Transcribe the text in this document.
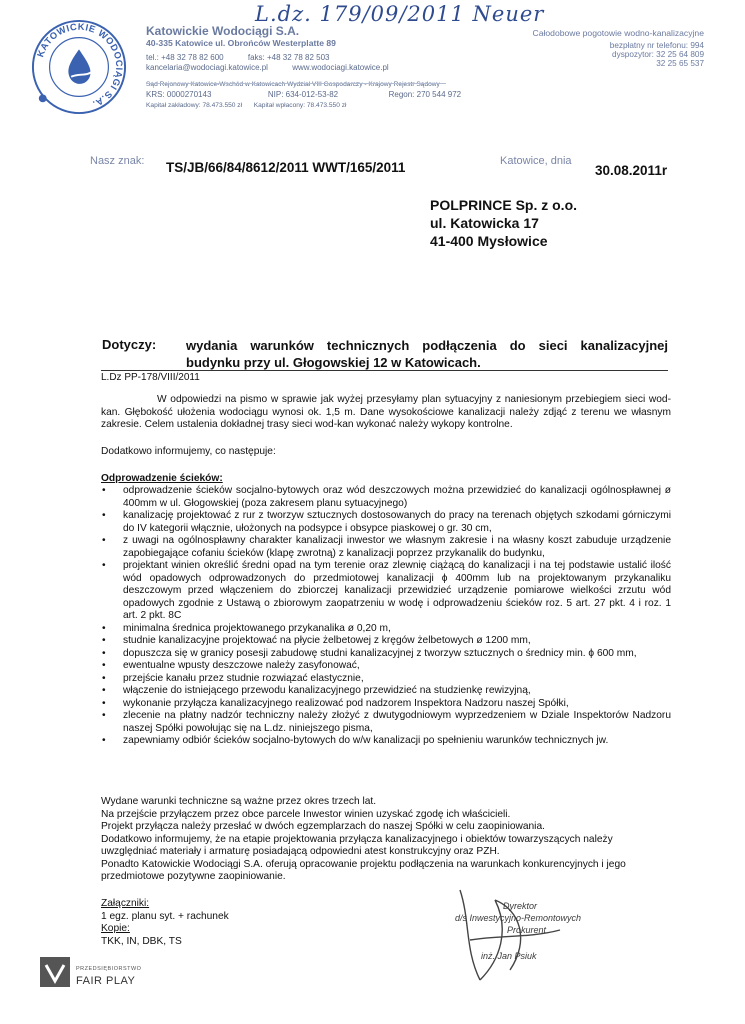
L.dz. 179/09/2011 Neuer
KATOWICKIE WODOCIĄGI S.A.
Katowickie Wodociągi S.A.
40-335 Katowice ul. Obrońców Westerplatte 89
tel.: +48 32 78 82 600	faks: +48 32 78 82 503
kancelaria@wodociagi.katowice.pl	www.wodociagi.katowice.pl
Sąd Rejonowy Katowice-Wschód w Katowicach Wydział VIII Gospodarczy - Krajowy Rejestr Sądowy
KRS: 0000270143	NIP: 634-012-53-82	Regon: 270 544 972
Kapitał zakładowy: 78.473.550 zł Kapitał wpłacony: 78.473.550 zł
Całodobowe pogotowie wodno-kanalizacyjne
bezpłatny nr telefonu: 994
dyspozytor: 32 25 64 809
32 25 65 537
Nasz znak: TS/JB/66/84/8612/2011 WWT/165/2011	Katowice, dnia
30.08.2011r
POLPRINCE Sp. z o.o.
ul. Katowicka 17
41-400 Mysłowice
Dotyczy: wydania warunków technicznych podłączenia do sieci kanalizacyjnej budynku przy ul. Głogowskiej 12 w Katowicach.
L.Dz PP-178/VIII/2011
W odpowiedzi na pismo w sprawie jak wyżej przesyłamy plan sytuacyjny z naniesionym przebiegiem sieci wod-kan. Głębokość ułożenia wodociągu wynosi ok. 1,5 m. Dane wysokościowe kanalizacji należy zdjąć z terenu we własnym zakresie. Celem ustalenia dokładnej trasy sieci wod-kan wykonać należy wykopy kontrolne.
Dodatkowo informujemy, co następuje:
Odprowadzenie ścieków:
• odprowadzenie ścieków socjalno-bytowych oraz wód deszczowych można przewidzieć do kanalizacji ogólnospławnej ø 400mm w ul. Głogowskiej (poza zakresem planu sytuacyjnego)
• kanalizację projektować z rur z tworzyw sztucznych dostosowanych do pracy na terenach objętych szkodami górniczymi do IV kategorii włącznie, ułożonych na podsypce i obsypce piaskowej o gr. 30 cm,
• z uwagi na ogólnospławny charakter kanalizacji inwestor we własnym zakresie i na własny koszt zabuduje urządzenie zapobiegające cofaniu ścieków (klapę zwrotną) z kanalizacji poprzez przykanalik do budynku,
• projektant winien określić średni opad na tym terenie oraz zlewnię ciążącą do kanalizacji i na tej podstawie ustalić ilość wód opadowych odprowadzonych do przedmiotowej kanalizacji ϕ 400mm lub na projektowanym przykanaliku deszczowym przed włączeniem do zbiorczej kanalizacji przewidzieć urządzenie pomiarowe wielkości zrzutu wód opadowych zgodnie z Ustawą o zbiorowym zaopatrzeniu w wodę i odprowadzeniu ścieków roz. 5 art. 27 pkt. 4 i roz. 1 art. 2 pkt. 8C
• minimalna średnica projektowanego przykanalika ø 0,20 m,
• studnie kanalizacyjne projektować na płycie żelbetowej z kręgów żelbetowych ø 1200 mm,
• dopuszcza się w granicy posesji zabudowę studni kanalizacyjnej z tworzyw sztucznych o średnicy min. ϕ 600 mm,
• ewentualne wpusty deszczowe należy zasyfonować,
• przejście kanału przez studnie rozwiązać elastycznie,
• włączenie do istniejącego przewodu kanalizacyjnego przewidzieć na studzienkę rewizyjną,
• wykonanie przyłącza kanalizacyjnego realizować pod nadzorem Inspektora Nadzoru naszej Spółki,
• zlecenie na płatny nadzór techniczny należy złożyć z dwutygodniowym wyprzedzeniem w Dziale Inspektorów Nadzoru naszej Spółki powołując się na L.dz. niniejszego pisma,
• zapewniamy odbiór ścieków socjalno-bytowych do w/w kanalizacji po spełnieniu warunków technicznych jw.

Wydane warunki techniczne są ważne przez okres trzech lat.

Na przejście przyłączem przez obce parcele Inwestor winien uzyskać zgodę ich właścicieli.

Projekt przyłącza należy przesłać w dwóch egzemplarzach do naszej Spółki w celu zaopiniowania.

Dodatkowo informujemy, że na etapie projektowania przyłącza kanalizacyjnego i obiektów towarzyszących należy uwzględniać materiały i armaturę posiadającą odpowiedni atest konstrukcyjny oraz PZH.

Ponadto Katowickie Wodociągi S.A. oferują opracowanie projektu podłączenia na warunkach konkurencyjnych i jego przedmiotowe pozytywne zaopiniowanie.

Załączniki:
1 egz. planu syt. + rachunek
Kopie:
TKK, IN, DBK, TS
Dyrektor
d/s Inwestycyjno-Remontowych
Prokurent
inż. Jan Psiuk
PRZEDSIĘBIORSTWO
FAIR PLAY
